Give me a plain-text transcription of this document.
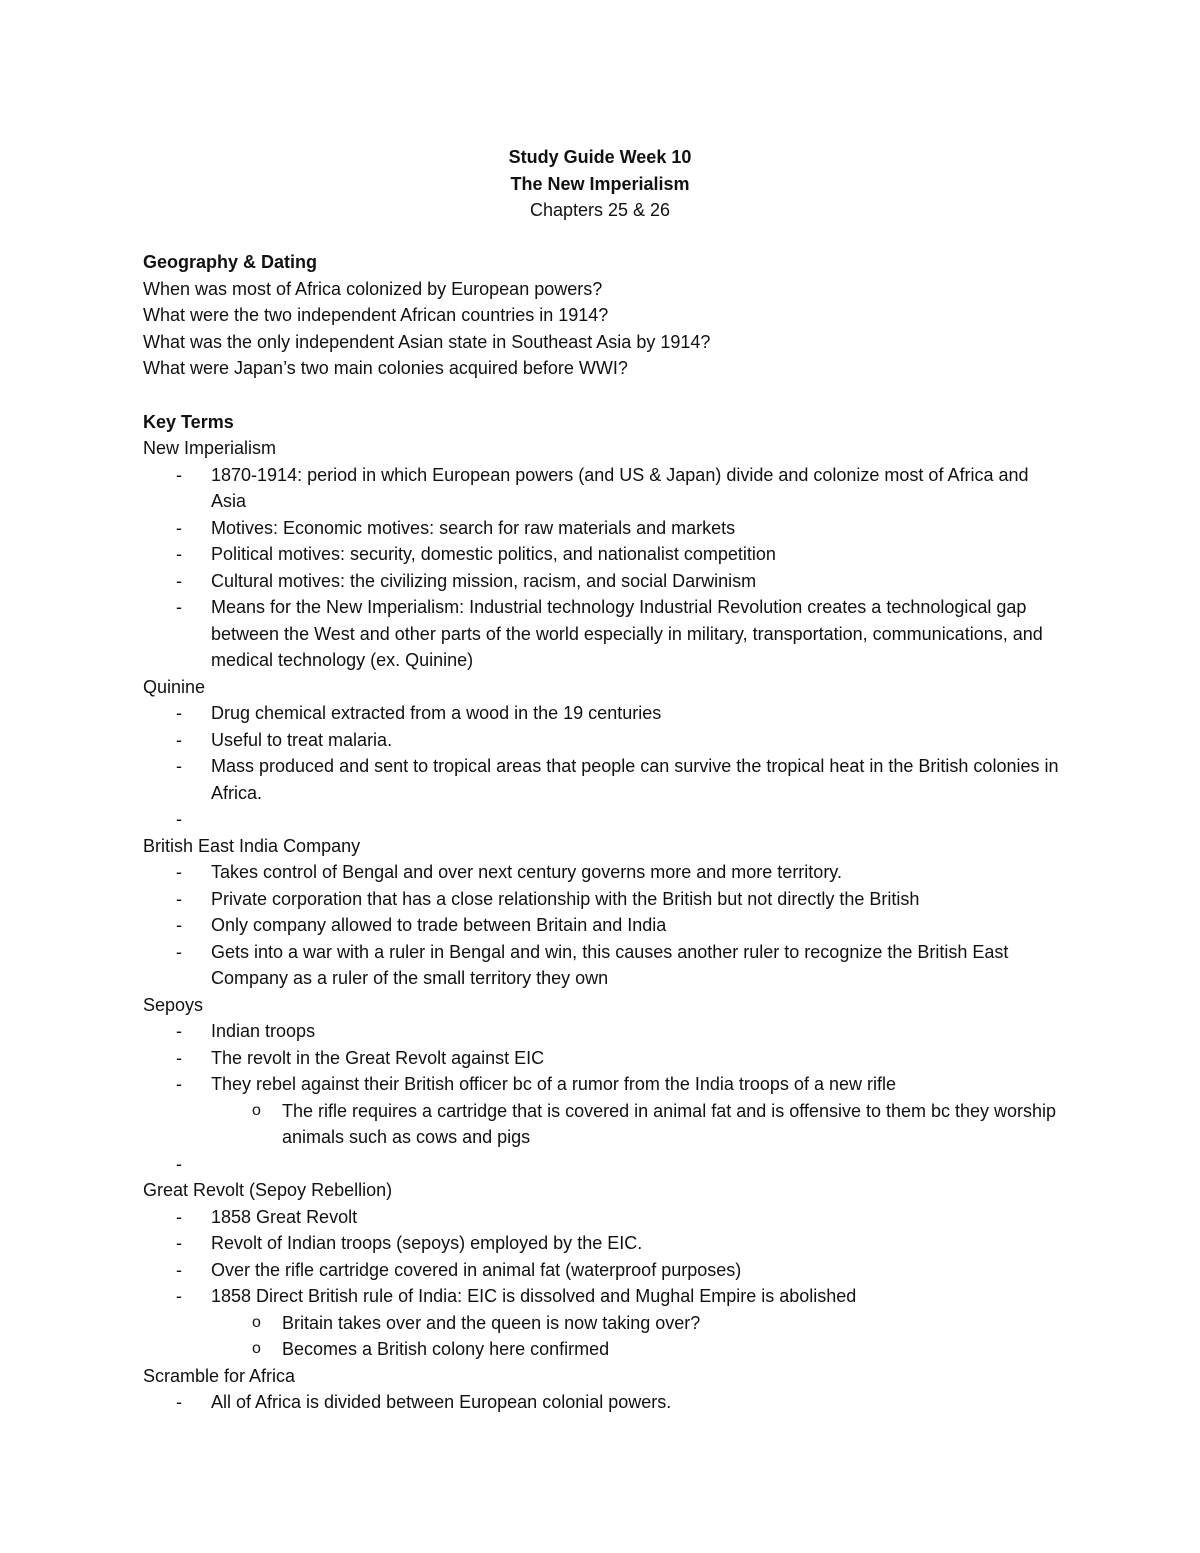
Study Guide Week 10
The New Imperialism
Chapters 25 & 26
Geography & Dating
When was most of Africa colonized by European powers?
What were the two independent African countries in 1914?
What was the only independent Asian state in Southeast Asia by 1914?
What were Japan’s two main colonies acquired before WWI?
Key Terms
New Imperialism
- 1870-1914: period in which European powers (and US & Japan) divide and colonize most of Africa and Asia
- Motives: Economic motives: search for raw materials and markets
- Political motives: security, domestic politics, and nationalist competition
- Cultural motives: the civilizing mission, racism, and social Darwinism
- Means for the New Imperialism: Industrial technology Industrial Revolution creates a technological gap between the West and other parts of the world especially in military, transportation, communications, and medical technology (ex. Quinine)
Quinine
- Drug chemical extracted from a wood in the 19 centuries
- Useful to treat malaria.
- Mass produced and sent to tropical areas that people can survive the tropical heat in the British colonies in Africa.
-
British East India Company
- Takes control of Bengal and over next century governs more and more territory.
- Private corporation that has a close relationship with the British but not directly the British
- Only company allowed to trade between Britain and India
- Gets into a war with a ruler in Bengal and win, this causes another ruler to recognize the British East Company as a ruler of the small territory they own
Sepoys
- Indian troops
- The revolt in the Great Revolt against EIC
- They rebel against their British officer bc of a rumor from the India troops of a new rifle
o The rifle requires a cartridge that is covered in animal fat and is offensive to them bc they worship animals such as cows and pigs
-
Great Revolt (Sepoy Rebellion)
- 1858 Great Revolt
- Revolt of Indian troops (sepoys) employed by the EIC.
- Over the rifle cartridge covered in animal fat (waterproof purposes)
- 1858 Direct British rule of India: EIC is dissolved and Mughal Empire is abolished
o Britain takes over and the queen is now taking over?
o Becomes a British colony here confirmed
Scramble for Africa
- All of Africa is divided between European colonial powers.
